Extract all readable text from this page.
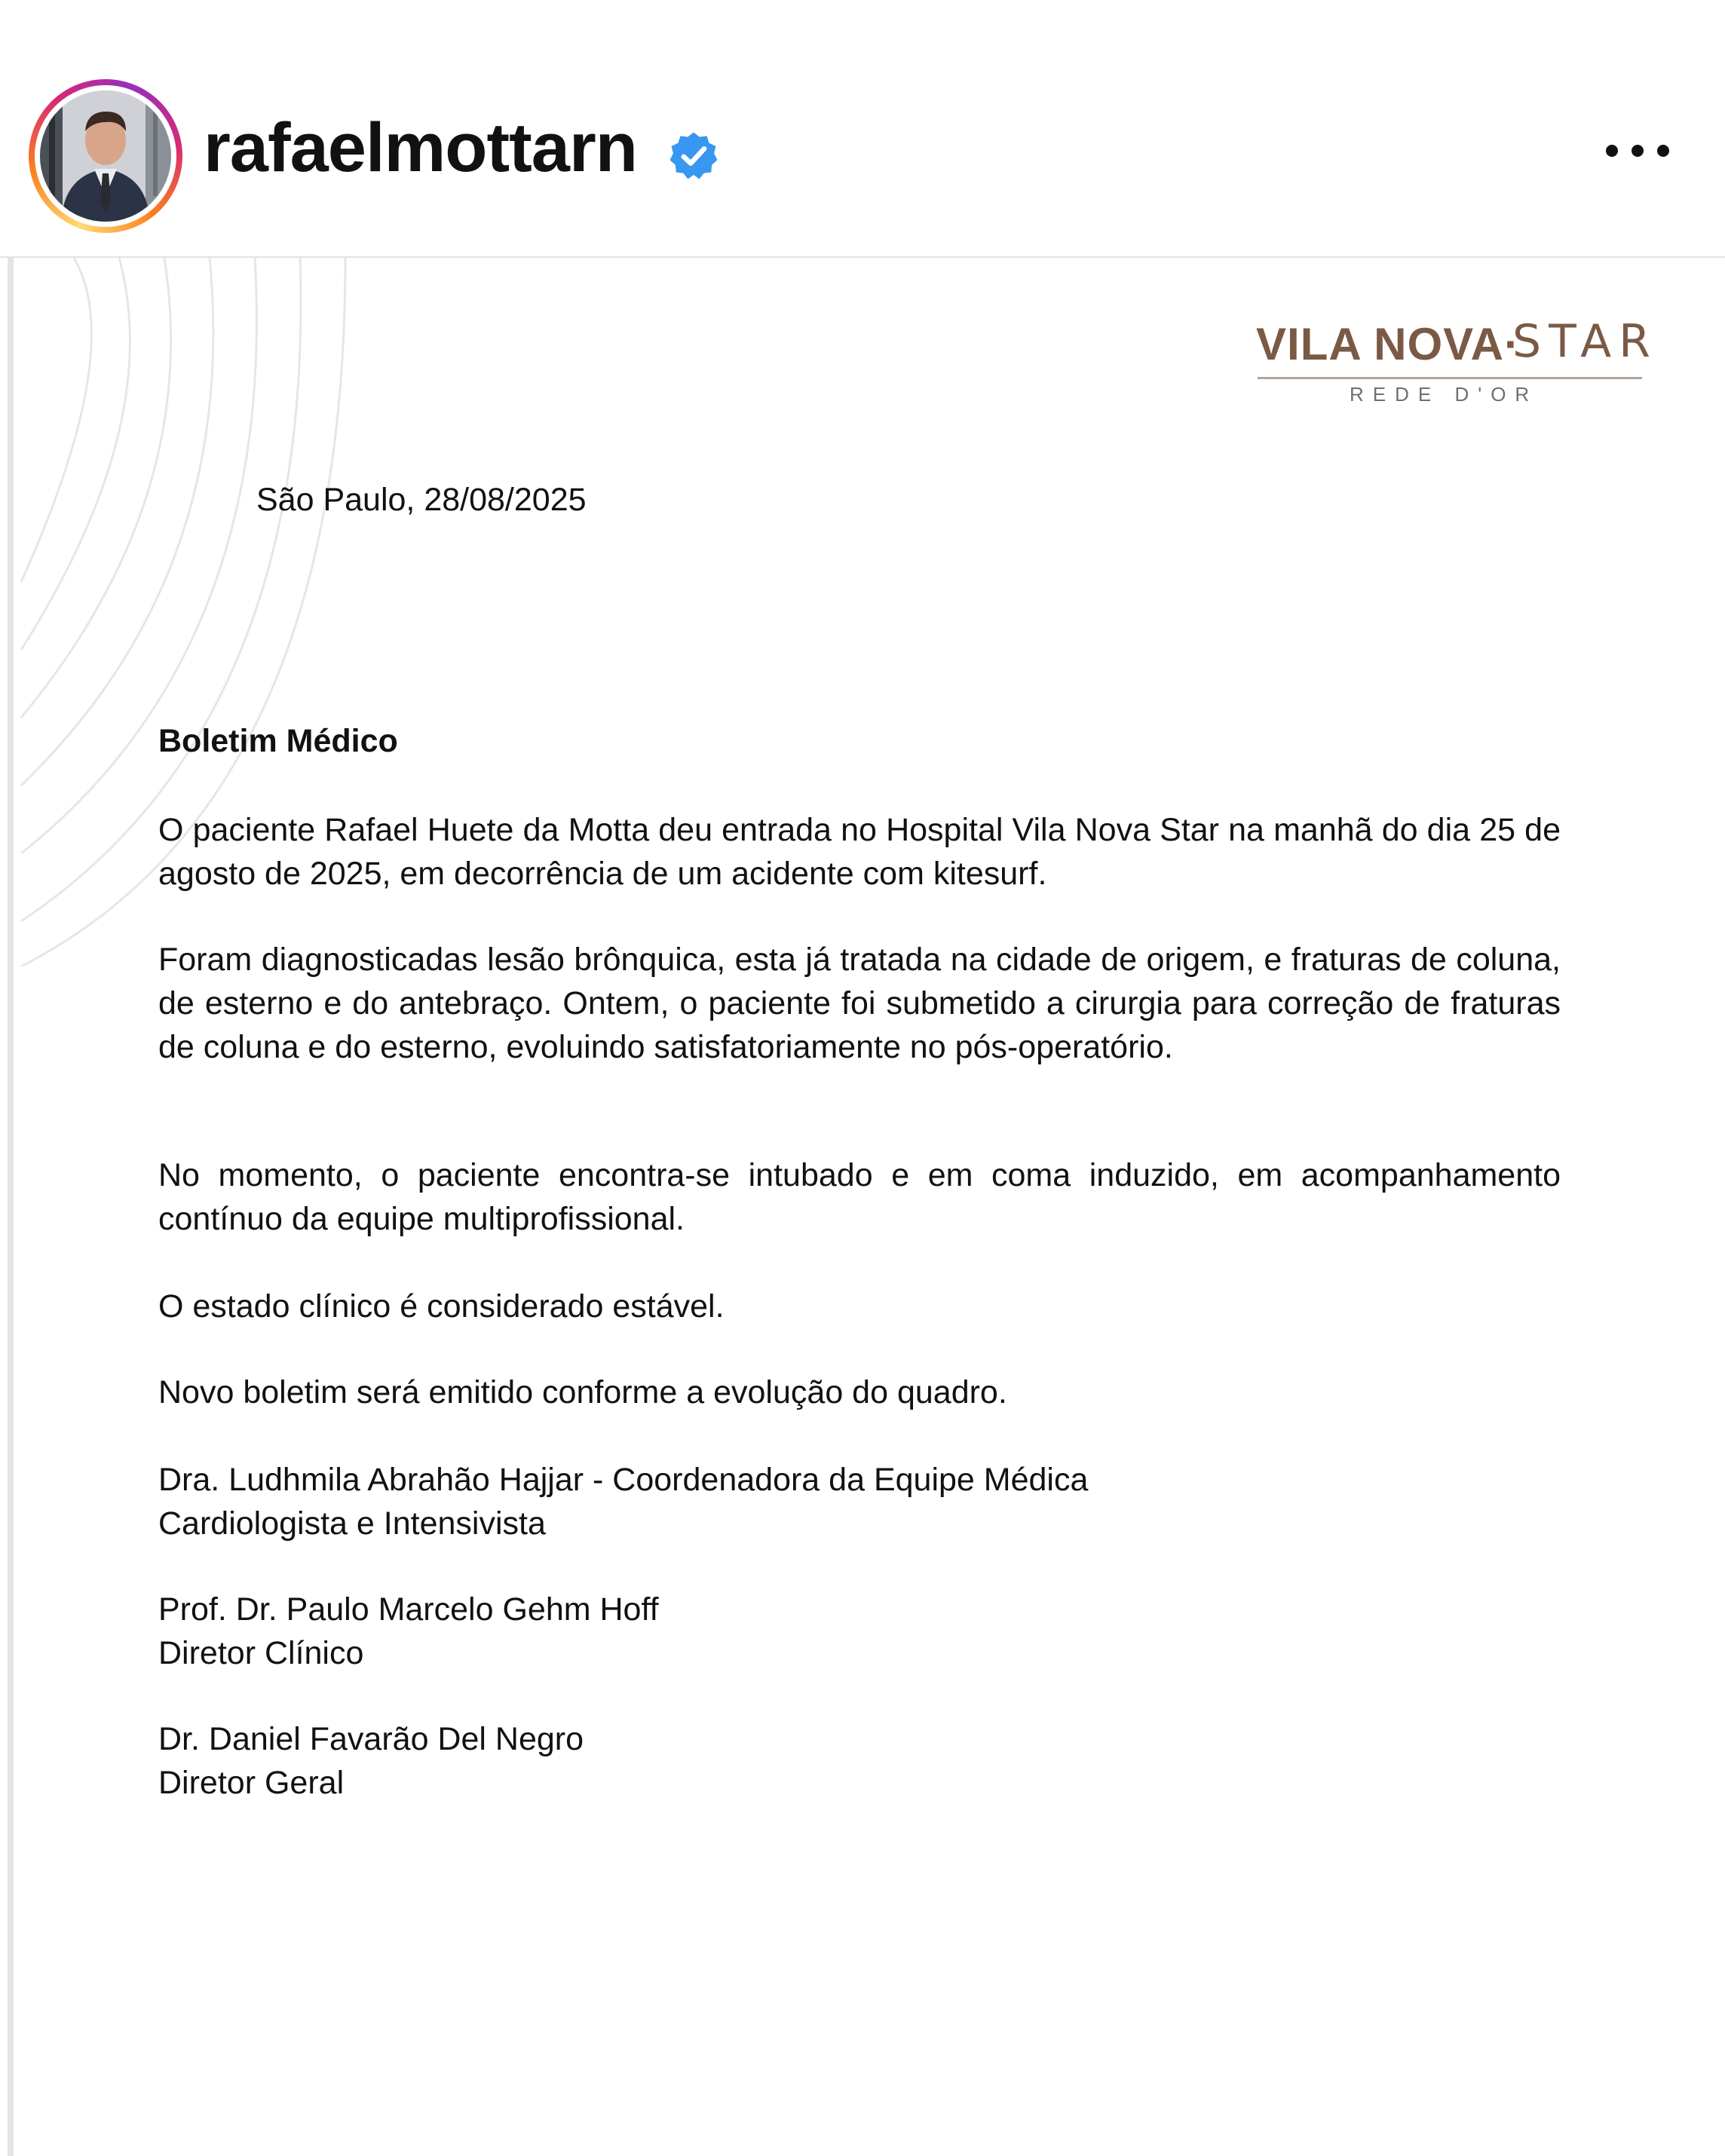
rafaelmottarn
VILA NOVA·
STAR
REDE D'OR
São Paulo, 28/08/2025
Boletim Médico
O paciente Rafael Huete da Motta deu entrada no Hospital Vila Nova Star na manhã do dia 25 de agosto de 2025, em decorrência de um acidente com kitesurf.
Foram diagnosticadas lesão brônquica, esta já tratada na cidade de origem, e fraturas de coluna, de esterno e do antebraço. Ontem, o paciente foi submetido a cirurgia para correção de fraturas de coluna e do esterno, evoluindo satisfatoriamente no pós-operatório.
No momento, o paciente encontra-se intubado e em coma induzido, em acompanhamento contínuo da equipe multiprofissional.
O estado clínico é considerado estável.
Novo boletim será emitido conforme a evolução do quadro.
Dra. Ludhmila Abrahão Hajjar - Coordenadora da Equipe Médica
Cardiologista e Intensivista
Prof. Dr. Paulo Marcelo Gehm Hoff
Diretor Clínico
Dr. Daniel Favarão Del Negro
Diretor Geral
